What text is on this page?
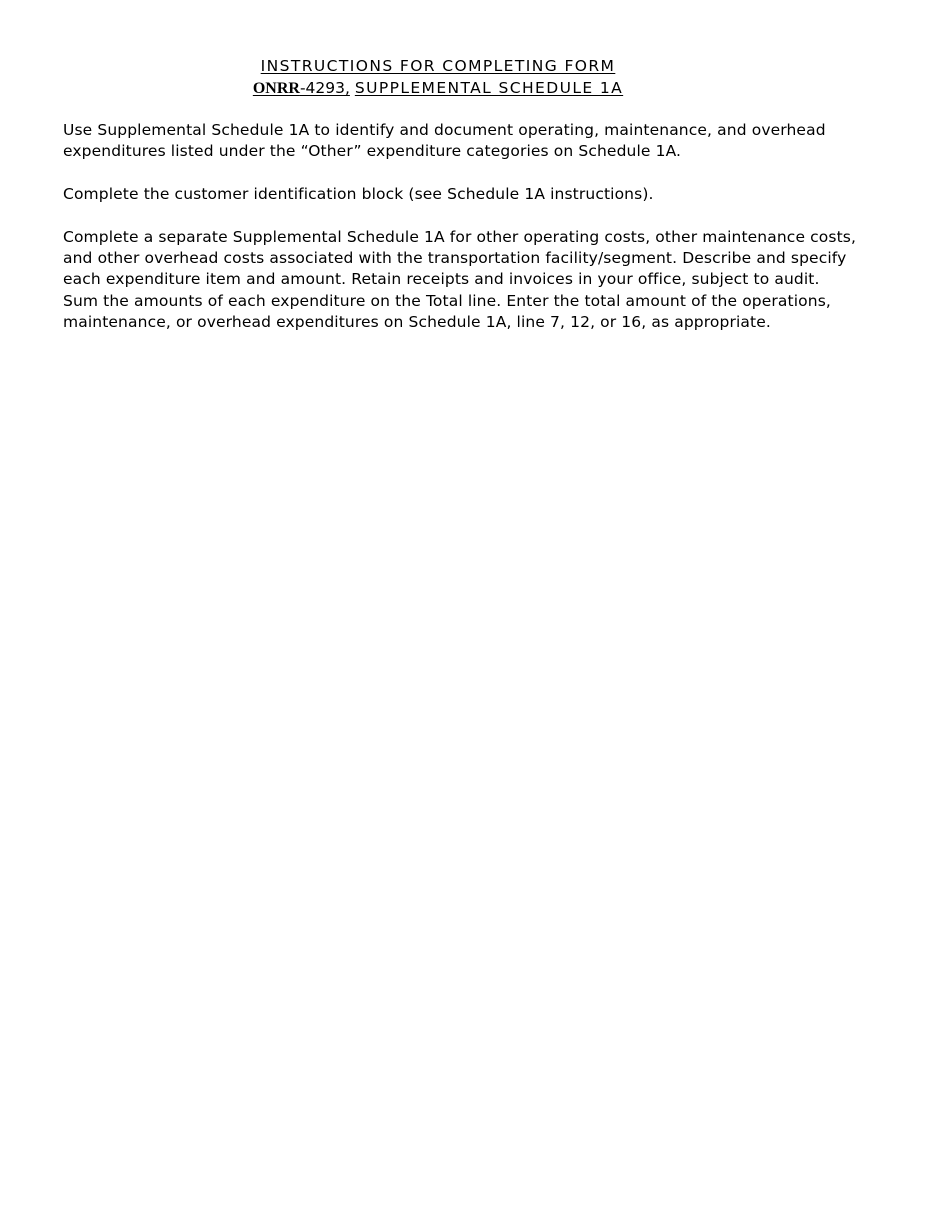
INSTRUCTIONS FOR COMPLETING FORM
ONRR-4293, SUPPLEMENTAL SCHEDULE 1A

Use Supplemental Schedule 1A to identify and document operating, maintenance, and overhead
expenditures listed under the “Other” expenditure categories on Schedule 1A.

Complete the customer identification block (see Schedule 1A instructions).

Complete a separate Supplemental Schedule 1A for other operating costs, other maintenance costs,
and other overhead costs associated with the transportation facility/segment. Describe and specify
each expenditure item and amount. Retain receipts and invoices in your office, subject to audit.
Sum the amounts of each expenditure on the Total line. Enter the total amount of the operations,
maintenance, or overhead expenditures on Schedule 1A, line 7, 12, or 16, as appropriate.
